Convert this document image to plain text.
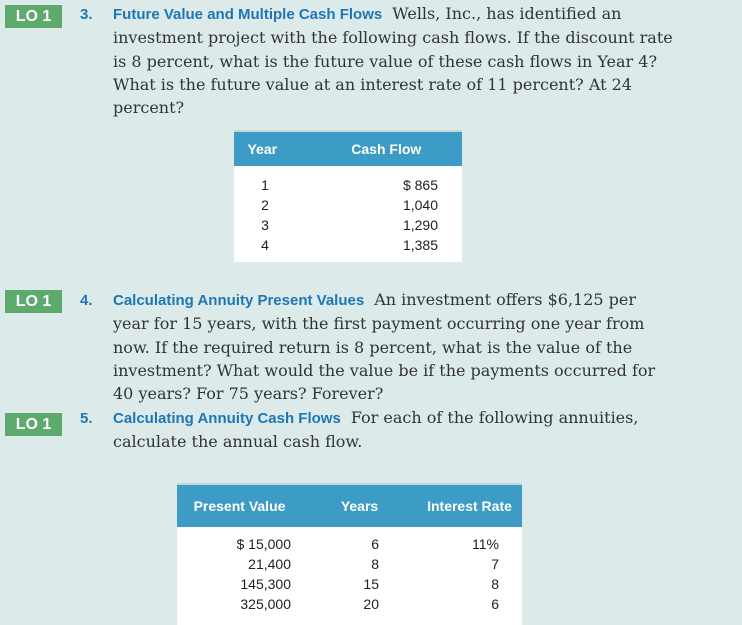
LO 1	3. Future Value and Multiple Cash Flows Wells, Inc., has identified an investment project with the following cash flows. If the discount rate is 8 percent, what is the future value of these cash flows in Year 4? What is the future value at an interest rate of 11 percent? At 24 percent?
Year	Cash Flow
1	$ 865
2	1,040
3	1,290
4	1,385
LO 1	4. Calculating Annuity Present Values An investment offers $6,125 per year for 15 years, with the first payment occurring one year from now. If the required return is 8 percent, what is the value of the investment? What would the value be if the payments occurred for 40 years? For 75 years? Forever?
LO 1	5. Calculating Annuity Cash Flows For each of the following annuities, calculate the annual cash flow.
Present Value	Years	Interest Rate
$ 15,000	6	11%
21,400	8	7
145,300	15	8
325,000	20	6
